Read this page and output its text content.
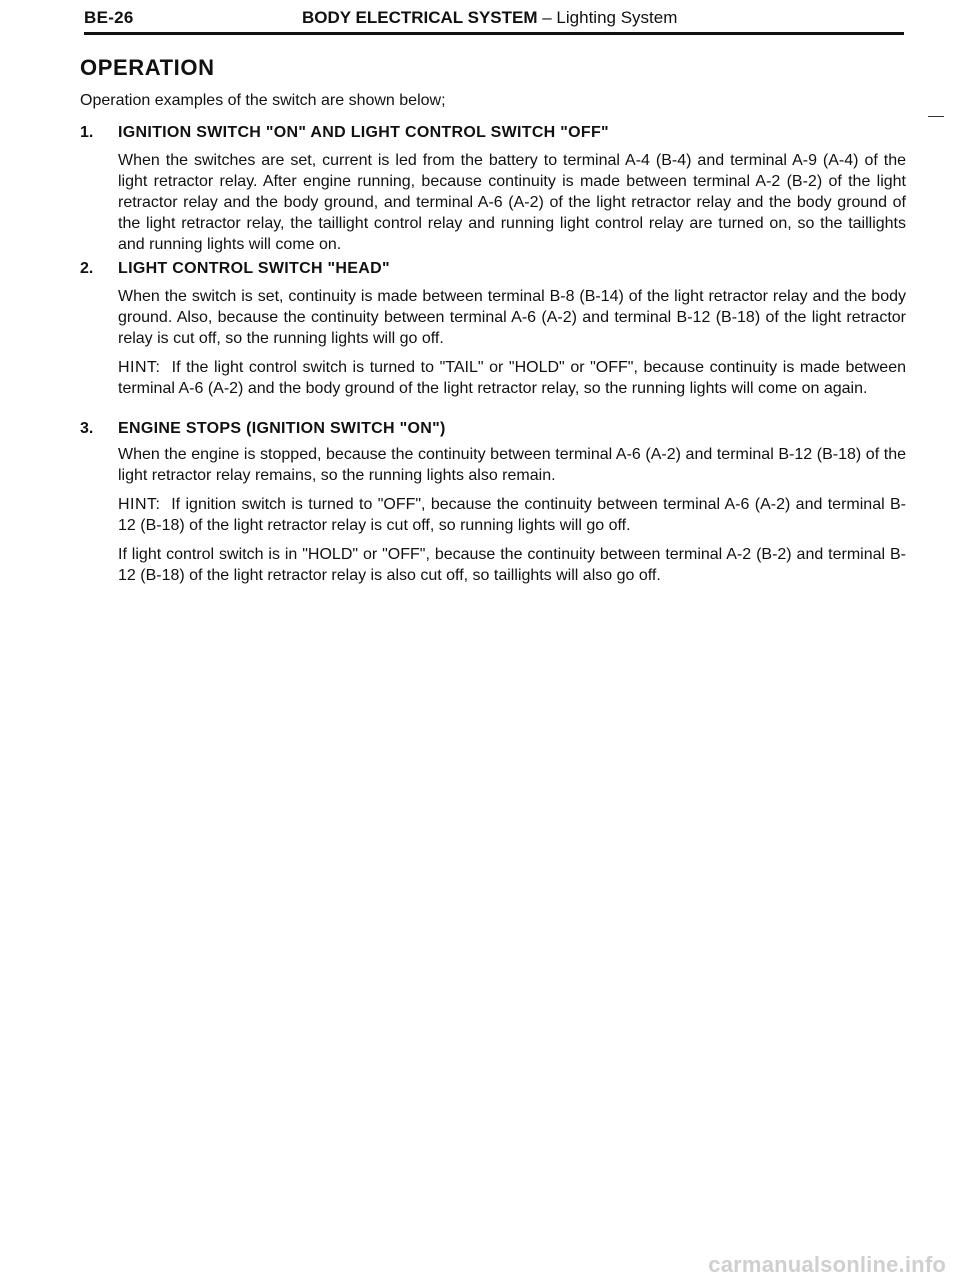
BE-26	BODY ELECTRICAL SYSTEM – Lighting System
OPERATION

Operation examples of the switch are shown below;

1. IGNITION SWITCH "ON" AND LIGHT CONTROL SWITCH "OFF"

When the switches are set, current is led from the battery to terminal A-4 (B-4) and terminal A-9 (A-4) of the light retractor relay. After engine running, because continuity is made between terminal A-2 (B-2) of the light retractor relay and the body ground, and terminal A-6 (A-2) of the light retractor relay and the body ground of the light retractor relay, the taillight control relay and running light control relay are turned on, so the taillights and running lights will come on.

2. LIGHT CONTROL SWITCH "HEAD"

When the switch is set, continuity is made between terminal B-8 (B-14) of the light retractor relay and the body ground. Also, because the continuity between terminal A-6 (A-2) and terminal B-12 (B-18) of the light retractor relay is cut off, so the running lights will go off.

HINT: If the light control switch is turned to "TAIL" or "HOLD" or "OFF", because continuity is made between terminal A-6 (A-2) and the body ground of the light retractor relay, so the running lights will come on again.

3. ENGINE STOPS (IGNITION SWITCH "ON")

When the engine is stopped, because the continuity between terminal A-6 (A-2) and terminal B-12 (B-18) of the light retractor relay remains, so the running lights also remain.

HINT: If ignition switch is turned to "OFF", because the continuity between terminal A-6 (A-2) and terminal B-12 (B-18) of the light retractor relay is cut off, so running lights will go off.

If light control switch is in "HOLD" or "OFF", because the continuity between terminal A-2 (B-2) and terminal B-12 (B-18) of the light retractor relay is also cut off, so taillights will also go off.

carmanualsonline.info
